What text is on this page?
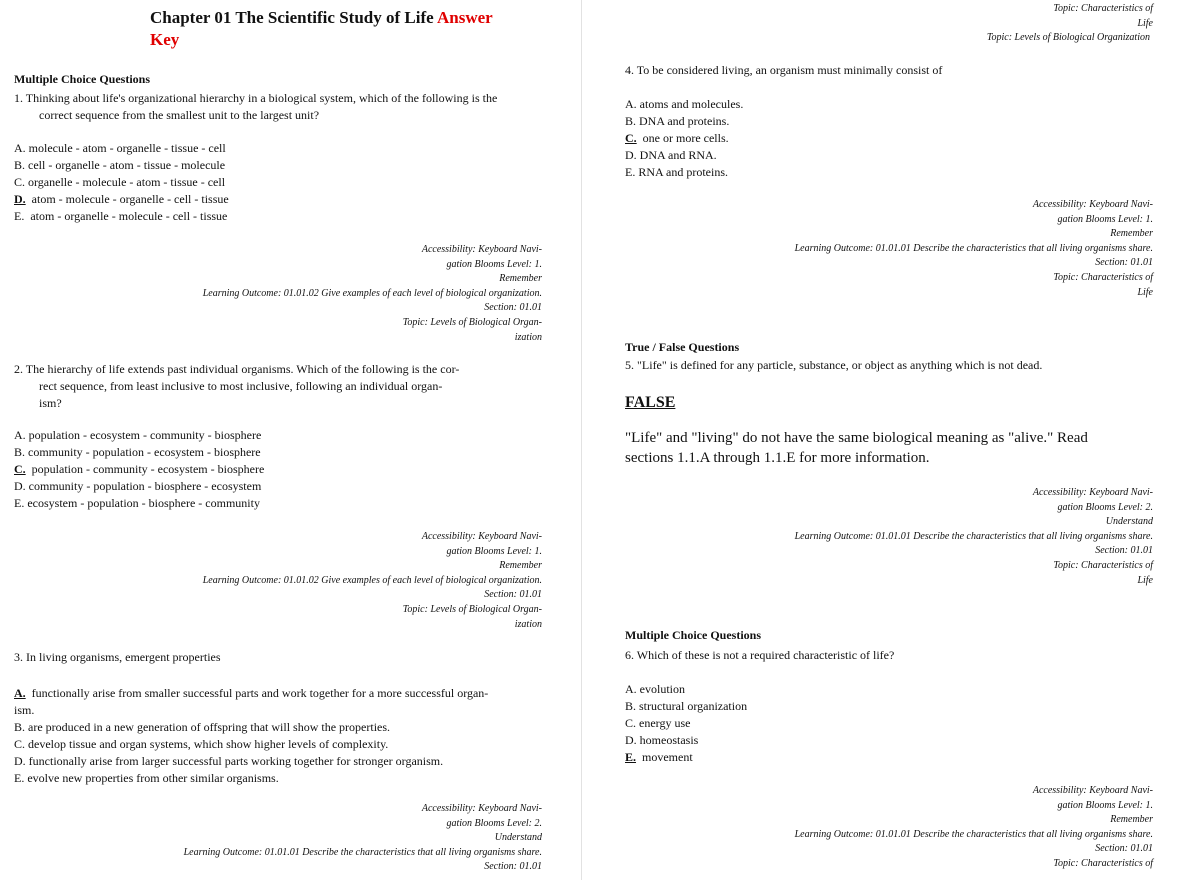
Chapter 01 The Scientific Study of Life Answer
Key
Multiple Choice Questions
1. Thinking about life's organizational hierarchy in a biological system, which of the following is the
correct sequence from the smallest unit to the largest unit?
A. molecule - atom - organelle - tissue - cell
B. cell - organelle - atom - tissue - molecule
C. organelle - molecule - atom - tissue - cell
D. atom - molecule - organelle - cell - tissue
E. atom - organelle - molecule - cell - tissue
Accessibility: Keyboard Navi-
gation Blooms Level: 1.
Remember
Learning Outcome: 01.01.02 Give examples of each level of biological organization.
Section: 01.01
Topic: Levels of Biological Organ-
ization
2. The hierarchy of life extends past individual organisms. Which of the following is the cor-
rect sequence, from least inclusive to most inclusive, following an individual organ-
ism?
A. population - ecosystem - community - biosphere
B. community - population - ecosystem - biosphere
C. population - community - ecosystem - biosphere
D. community - population - biosphere - ecosystem
E. ecosystem - population - biosphere - community
Accessibility: Keyboard Navi-
gation Blooms Level: 1.
Remember
Learning Outcome: 01.01.02 Give examples of each level of biological organization.
Section: 01.01
Topic: Levels of Biological Organ-
ization
3. In living organisms, emergent properties
A. functionally arise from smaller successful parts and work together for a more successful organ-
ism.
B. are produced in a new generation of offspring that will show the properties.
C. develop tissue and organ systems, which show higher levels of complexity.
D. functionally arise from larger successful parts working together for stronger organism.
E. evolve new properties from other similar organisms.
Accessibility: Keyboard Navi-
gation Blooms Level: 2.
Understand
Learning Outcome: 01.01.01 Describe the characteristics that all living organisms share.
Section: 01.01
Topic: Characteristics of
Life
Topic: Levels of Biological Organization
4. To be considered living, an organism must minimally consist of
A. atoms and molecules.
B. DNA and proteins.
C. one or more cells.
D. DNA and RNA.
E. RNA and proteins.
Accessibility: Keyboard Navi-
gation Blooms Level: 1.
Remember
Learning Outcome: 01.01.01 Describe the characteristics that all living organisms share.
Section: 01.01
Topic: Characteristics of
Life
True / False Questions
5. "Life" is defined for any particle, substance, or object as anything which is not dead.
FALSE
"Life" and "living" do not have the same biological meaning as "alive." Read
sections 1.1.A through 1.1.E for more information.
Accessibility: Keyboard Navi-
gation Blooms Level: 2.
Understand
Learning Outcome: 01.01.01 Describe the characteristics that all living organisms share.
Section: 01.01
Topic: Characteristics of
Life
Multiple Choice Questions
6. Which of these is not a required characteristic of life?
A. evolution
B. structural organization
C. energy use
D. homeostasis
E. movement
Accessibility: Keyboard Navi-
gation Blooms Level: 1.
Remember
Learning Outcome: 01.01.01 Describe the characteristics that all living organisms share.
Section: 01.01
Topic: Characteristics of
